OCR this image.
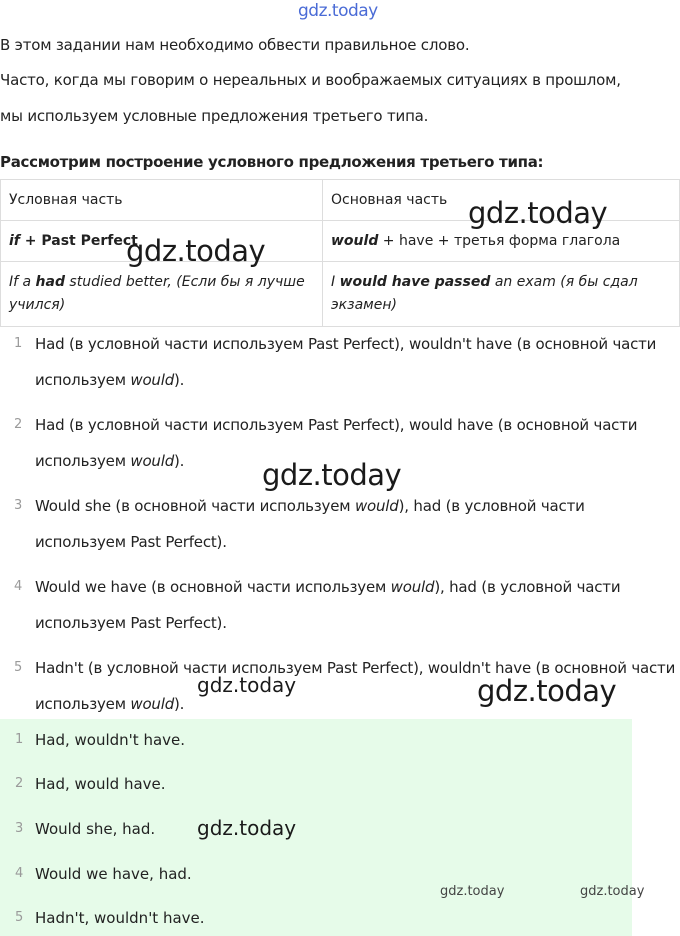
gdz.today
В этом задании нам необходимо обвести правильное слово.
Часто, когда мы говорим о нереальных и воображаемых ситуациях в прошлом,
мы используем условные предложения третьего типа.
Рассмотрим построение условного предложения третьего типа:
Условная часть	Основная часть
if + Past Perfect	would + have + третья форма глагола
If a had studied better, (Если бы я лучше учился)	I would have passed an exam (я бы сдал экзамен)
1 Had (в условной части используем Past Perfect), wouldn't have (в основной части используем would).
2 Had (в условной части используем Past Perfect), would have (в основной части используем would).
3 Would she (в основной части используем would), had (в условной части используем Past Perfect).
4 Would we have (в основной части используем would), had (в условной части используем Past Perfect).
5 Hadn't (в условной части используем Past Perfect), wouldn't have (в основной части используем would).
1 Had, wouldn't have.
2 Had, would have.
3 Would she, had.
4 Would we have, had.
5 Hadn't, wouldn't have.
gdz.today
gdz.today
gdz.today
gdz.today	gdz.today
gdz.today
gdz.today	gdz.today
